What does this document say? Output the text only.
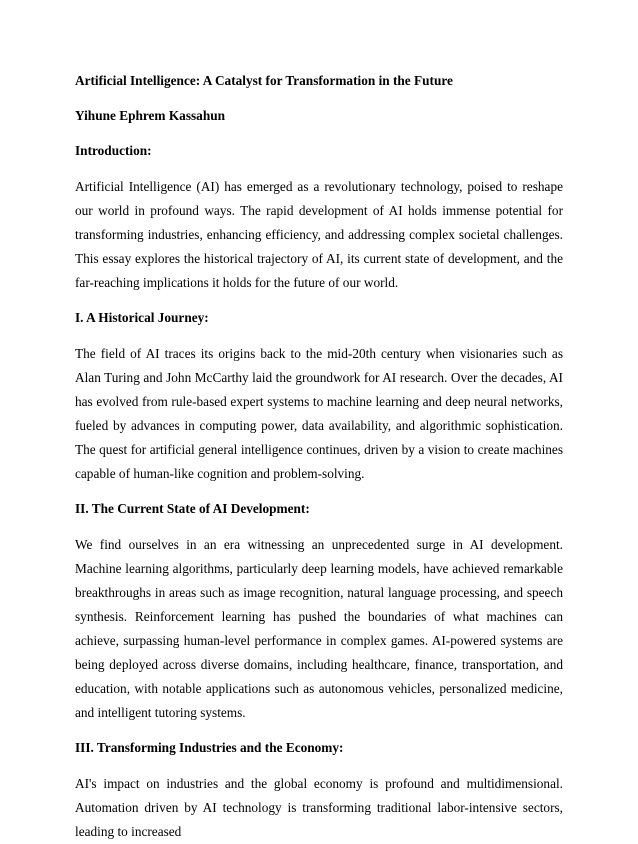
Artificial Intelligence: A Catalyst for Transformation in the Future

Yihune Ephrem Kassahun

Introduction:

Artificial Intelligence (AI) has emerged as a revolutionary technology, poised to reshape our world in profound ways. The rapid development of AI holds immense potential for transforming industries, enhancing efficiency, and addressing complex societal challenges. This essay explores the historical trajectory of AI, its current state of development, and the far-reaching implications it holds for the future of our world.

I. A Historical Journey:

The field of AI traces its origins back to the mid-20th century when visionaries such as Alan Turing and John McCarthy laid the groundwork for AI research. Over the decades, AI has evolved from rule-based expert systems to machine learning and deep neural networks, fueled by advances in computing power, data availability, and algorithmic sophistication. The quest for artificial general intelligence continues, driven by a vision to create machines capable of human-like cognition and problem-solving.

II. The Current State of AI Development:

We find ourselves in an era witnessing an unprecedented surge in AI development. Machine learning algorithms, particularly deep learning models, have achieved remarkable breakthroughs in areas such as image recognition, natural language processing, and speech synthesis. Reinforcement learning has pushed the boundaries of what machines can achieve, surpassing human-level performance in complex games. AI-powered systems are being deployed across diverse domains, including healthcare, finance, transportation, and education, with notable applications such as autonomous vehicles, personalized medicine, and intelligent tutoring systems.

III. Transforming Industries and the Economy:

AI's impact on industries and the global economy is profound and multidimensional. Automation driven by AI technology is transforming traditional labor-intensive sectors, leading to increased
